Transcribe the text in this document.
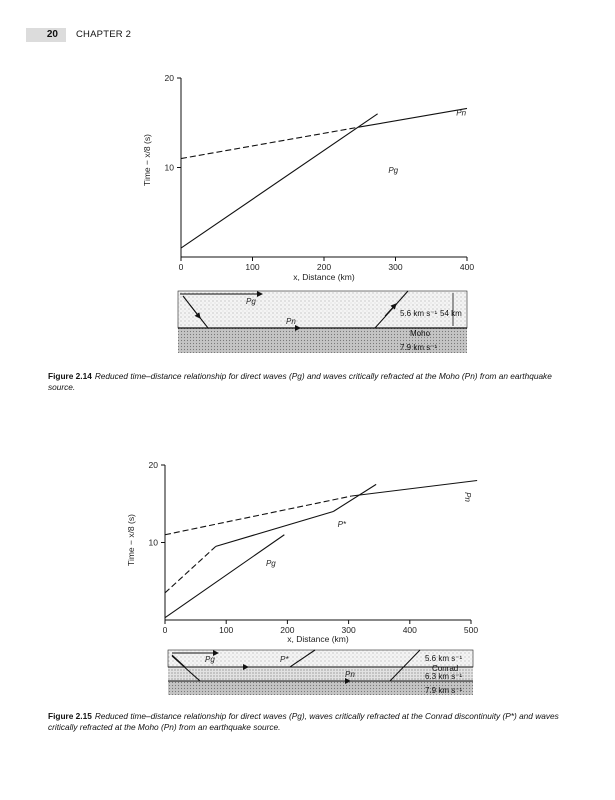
20	CHAPTER 2
0	100	200	300	400
10
20
Pg
Pn
Time − x/8 (s)
x, Distance (km)
Pg
Pn
5.6 km s⁻¹ 54 km
Moho
7.9 km s⁻¹
Figure 2.14 Reduced time–distance relationship for direct waves (Pg) and waves critically refracted at the Moho (Pn) from an earthquake source.
0	100	200	300	400	500
10
20
Pg
P*
Pn
Time − x/8 (s)
x, Distance (km)
Pg	P*
Pn
5.6 km s⁻¹
Conrad
6.3 km s⁻¹
7.9 km s⁻¹
Figure 2.15 Reduced time–distance relationship for direct waves (Pg), waves critically refracted at the Conrad discontinuity (P*) and waves critically refracted at the Moho (Pn) from an earthquake source.
